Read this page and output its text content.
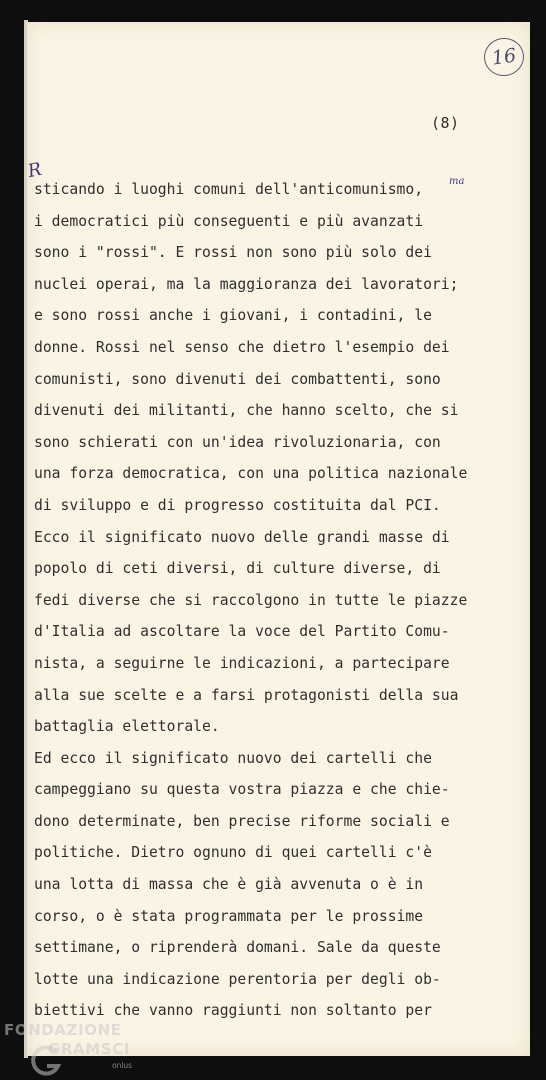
16
(8)
R	ma
sticando i luoghi comuni dell'anticomunismo,
i democratici più conseguenti e più avanzati
sono i "rossi". E rossi non sono più solo dei
nuclei operai, ma la maggioranza dei lavoratori;
e sono rossi anche i giovani, i contadini, le
donne. Rossi nel senso che dietro l'esempio dei
comunisti, sono divenuti dei combattenti, sono
divenuti dei militanti, che hanno scelto, che si
sono schierati con un'idea rivoluzionaria, con
una forza democratica, con una politica nazionale
di sviluppo e di progresso costituita dal PCI.
Ecco il significato nuovo delle grandi masse di
popolo di ceti diversi, di culture diverse, di
fedi diverse che si raccolgono in tutte le piazze
d'Italia ad ascoltare la voce del Partito Comu-
nista, a seguirne le indicazioni, a partecipare
alla sue scelte e a farsi protagonisti della sua
battaglia elettorale.
Ed ecco il significato nuovo dei cartelli che
campeggiano su questa vostra piazza e che chie-
dono determinate, ben precise riforme sociali e
politiche. Dietro ognuno di quei cartelli c'è
una lotta di massa che è già avvenuta o è in
corso, o è stata programmata per le prossime
settimane, o riprenderà domani. Sale da queste
lotte una indicazione perentoria per degli ob-
biettivi che vanno raggiunti non soltanto per
FONDAZIONE
GRAMSCI
onlus
